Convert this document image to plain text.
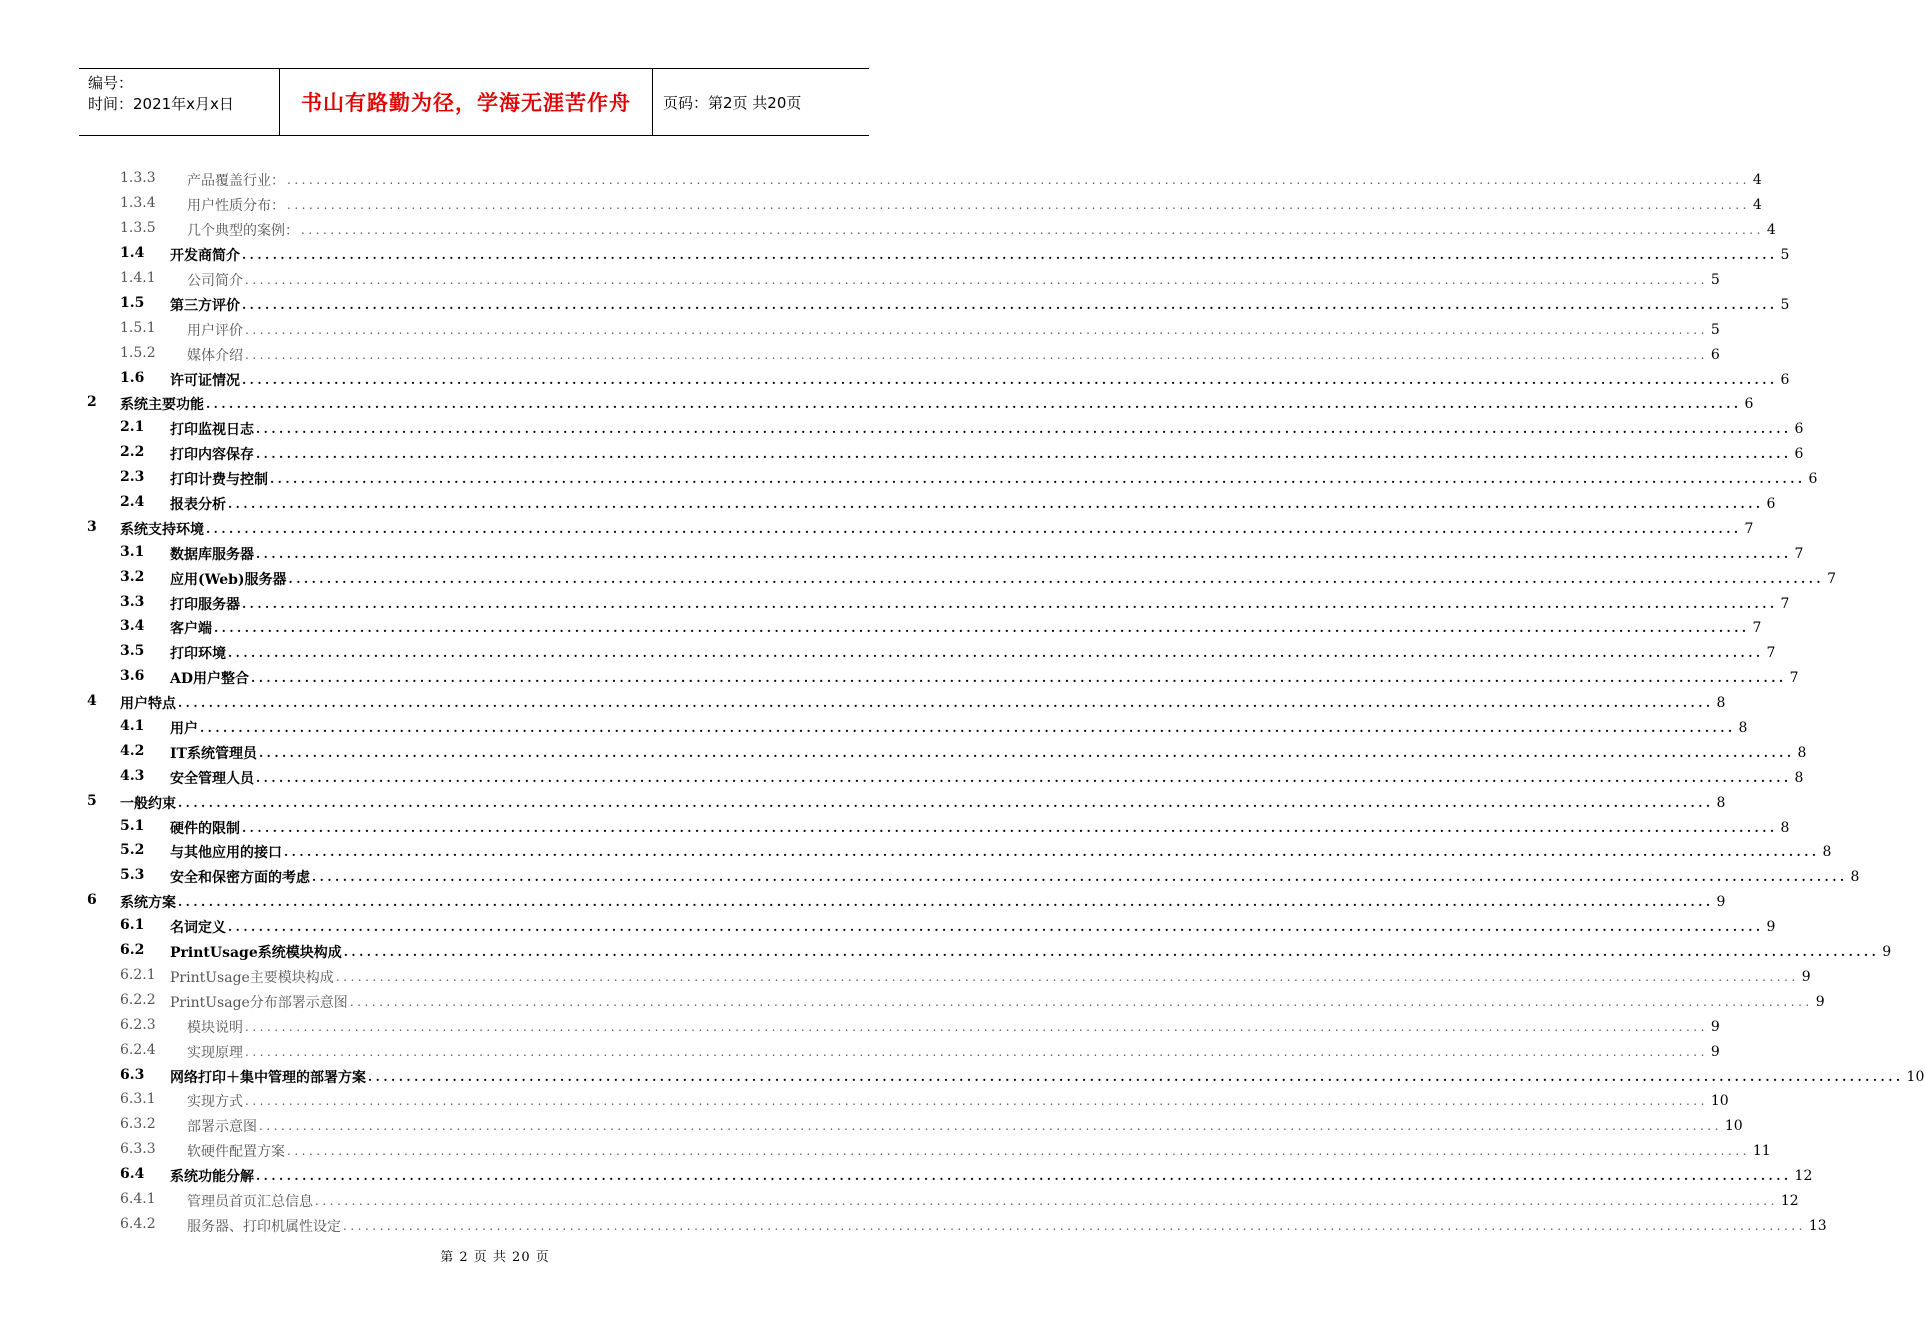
编号：
时间：2021年x月x日	书山有路勤为径，学海无涯苦作舟	页码：第2页 共20页
1.3.3	产品覆盖行业： ........................................................................................................................................................................................................ 4
1.3.4	用户性质分布： ........................................................................................................................................................................................................ 4
1.3.5	几个典型的案例： ........................................................................................................................................................................................................ 4
1.4	开发商简介 ........................................................................................................................................................................................................ 5
1.4.1	公司简介 ........................................................................................................................................................................................................ 5
1.5	第三方评价 ........................................................................................................................................................................................................ 5
1.5.1	用户评价 ........................................................................................................................................................................................................ 5
1.5.2	媒体介绍 ........................................................................................................................................................................................................ 6
1.6	许可证情况 ........................................................................................................................................................................................................ 6
2	系统主要功能 ........................................................................................................................................................................................................ 6
2.1	打印监视日志 ........................................................................................................................................................................................................ 6
2.2	打印内容保存 ........................................................................................................................................................................................................ 6
2.3	打印计费与控制 ........................................................................................................................................................................................................ 6
2.4	报表分析 ........................................................................................................................................................................................................ 6
3	系统支持环境 ........................................................................................................................................................................................................ 7
3.1	数据库服务器 ........................................................................................................................................................................................................ 7
3.2	应用(Web)服务器 ........................................................................................................................................................................................................ 7
3.3	打印服务器 ........................................................................................................................................................................................................ 7
3.4	客户端 ........................................................................................................................................................................................................ 7
3.5	打印环境 ........................................................................................................................................................................................................ 7
3.6	AD用户整合 ........................................................................................................................................................................................................ 7
4	用户特点 ........................................................................................................................................................................................................ 8
4.1	用户 ........................................................................................................................................................................................................ 8
4.2	IT系统管理员 ........................................................................................................................................................................................................ 8
4.3	安全管理人员 ........................................................................................................................................................................................................ 8
5	一般约束 ........................................................................................................................................................................................................ 8
5.1	硬件的限制 ........................................................................................................................................................................................................ 8
5.2	与其他应用的接口 ........................................................................................................................................................................................................ 8
5.3	安全和保密方面的考虑 ........................................................................................................................................................................................................ 8
6	系统方案 ........................................................................................................................................................................................................ 9
6.1	名词定义 ........................................................................................................................................................................................................ 9
6.2	PrintUsage系统模块构成 ........................................................................................................................................................................................................ 9
6.2.1	PrintUsage主要模块构成 ........................................................................................................................................................................................................ 9
6.2.2	PrintUsage分布部署示意图 ........................................................................................................................................................................................................ 9
6.2.3	模块说明 ........................................................................................................................................................................................................ 9
6.2.4	实现原理 ........................................................................................................................................................................................................ 9
6.3	网络打印＋集中管理的部署方案 ........................................................................................................................................................................................................ 10
6.3.1	实现方式 ........................................................................................................................................................................................................ 10
6.3.2	部署示意图 ........................................................................................................................................................................................................ 10
6.3.3	软硬件配置方案 ........................................................................................................................................................................................................ 11
6.4	系统功能分解 ........................................................................................................................................................................................................ 12
6.4.1	管理员首页汇总信息 ........................................................................................................................................................................................................ 12
6.4.2	服务器、打印机属性设定 ........................................................................................................................................................................................................ 13
第 2 页 共 20 页
